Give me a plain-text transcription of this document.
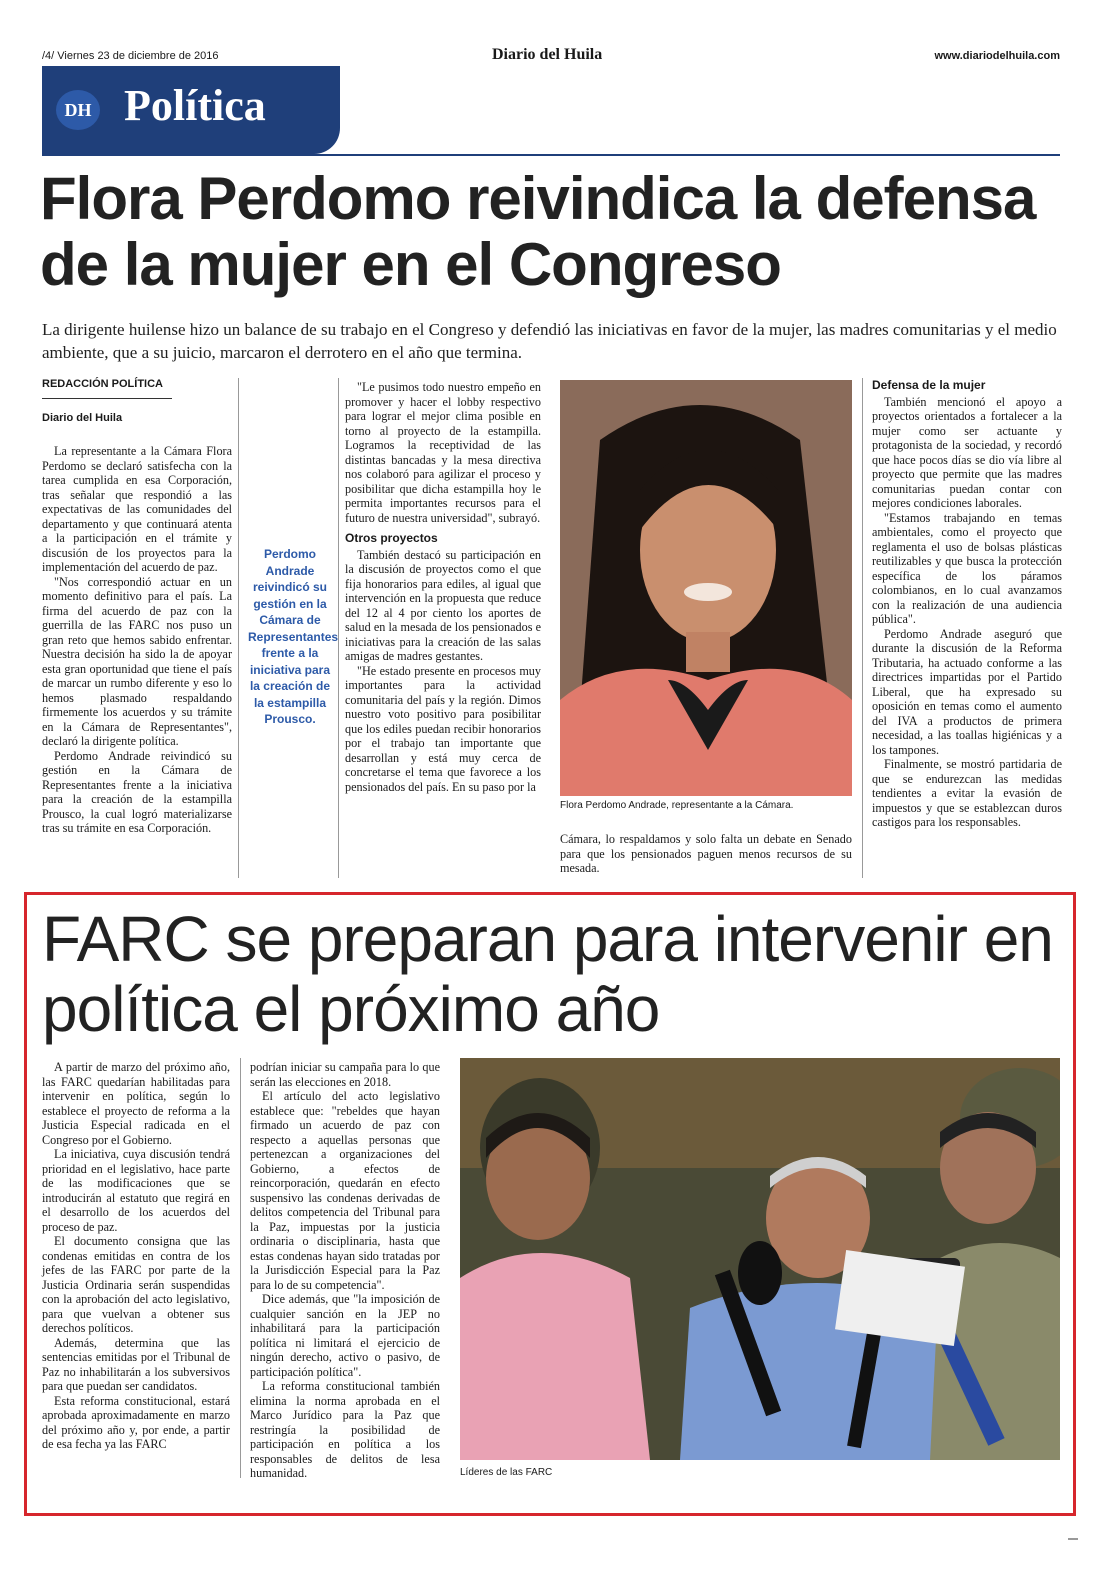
/4/ Viernes 23 de diciembre de 2016	Diario del Huila	www.diariodelhuila.com
DH Política
Flora Perdomo reivindica la defensa de la mujer en el Congreso
La dirigente huilense hizo un balance de su trabajo en el Congreso y defendió las iniciativas en favor de la mujer, las madres comunitarias y el medio ambiente, que a su juicio, marcaron el derrotero en el año que termina.
REDACCIÓN POLÍTICA
Diario del Huila

La representante a la Cámara Flora Perdomo se declaró satisfecha con la tarea cumplida en esa Corporación, tras señalar que respondió a las expectativas de las comunidades del departamento y que continuará atenta a la participación en el trámite y discusión de los proyectos para la implementación del acuerdo de paz.

"Nos correspondió actuar en un momento definitivo para el país. La firma del acuerdo de paz con la guerrilla de las FARC nos puso un gran reto que hemos sabido enfrentar. Nuestra decisión ha sido la de apoyar esta gran oportunidad que tiene el país de marcar un rumbo diferente y eso lo hemos plasmado respaldando firmemente los acuerdos y su trámite en la Cámara de Representantes", declaró la dirigente política.

Perdomo Andrade reivindicó su gestión en la Cámara de Representantes frente a la iniciativa para la creación de la estampilla Prousco, la cual logró materializarse tras su trámite en esa Corporación.

Perdomo Andrade reivindicó su gestión en la Cámara de Representantes frente a la iniciativa para la creación de la estampilla Prousco.

"Le pusimos todo nuestro empeño en promover y hacer el lobby respectivo para lograr el mejor clima posible en torno al proyecto de la estampilla. Logramos la receptividad de las distintas bancadas y la mesa directiva nos colaboró para agilizar el proceso y posibilitar que dicha estampilla hoy le permita importantes recursos para el futuro de nuestra universidad", subrayó.

Otros proyectos

También destacó su participación en la discusión de proyectos como el que fija honorarios para ediles, al igual que intervención en la propuesta que reduce del 12 al 4 por ciento los aportes de salud en la mesada de los pensionados e iniciativas para la creación de las salas amigas de madres gestantes.

"He estado presente en procesos muy importantes para la actividad comunitaria del país y la región. Dimos nuestro voto positivo para posibilitar que los ediles puedan recibir honorarios por el trabajo tan importante que desarrollan y está muy cerca de concretarse el tema que favorece a los pensionados del país. En su paso por la

Flora Perdomo Andrade, representante a la Cámara.

Cámara, lo respaldamos y solo falta un debate en Senado para que los pensionados paguen menos recursos de su mesada.

Defensa de la mujer

También mencionó el apoyo a proyectos orientados a fortalecer a la mujer como ser actuante y protagonista de la sociedad, y recordó que hace pocos días se dio vía libre al proyecto que permite que las madres comunitarias puedan contar con mejores condiciones laborales.

"Estamos trabajando en temas ambientales, como el proyecto que reglamenta el uso de bolsas plásticas reutilizables y que busca la protección específica de los páramos colombianos, en lo cual avanzamos con la realización de una audiencia pública".

Perdomo Andrade aseguró que durante la discusión de la Reforma Tributaria, ha actuado conforme a las directrices impartidas por el Partido Liberal, que ha expresado su oposición en temas como el aumento del IVA a productos de primera necesidad, a las toallas higiénicas y a los tampones.

Finalmente, se mostró partidaria de que se endurezcan las medidas tendientes a evitar la evasión de impuestos y que se establezcan duros castigos para los responsables.

FARC se preparan para intervenir en política el próximo año

A partir de marzo del próximo año, las FARC quedarían habilitadas para intervenir en política, según lo establece el proyecto de reforma a la Justicia Especial radicada en el Congreso por el Gobierno.

La iniciativa, cuya discusión tendrá prioridad en el legislativo, hace parte de las modificaciones que se introducirán al estatuto que regirá en el desarrollo de los acuerdos del proceso de paz.

El documento consigna que las condenas emitidas en contra de los jefes de las FARC por parte de la Justicia Ordinaria serán suspendidas con la aprobación del acto legislativo, para que vuelvan a obtener sus derechos políticos.

Además, determina que las sentencias emitidas por el Tribunal de Paz no inhabilitarán a los subversivos para que puedan ser candidatos.

Esta reforma constitucional, estará aprobada aproximadamente en marzo del próximo año y, por ende, a partir de esa fecha ya las FARC

podrían iniciar su campaña para lo que serán las elecciones en 2018.

El artículo del acto legislativo establece que: "rebeldes que hayan firmado un acuerdo de paz con respecto a aquellas personas que pertenezcan a organizaciones del Gobierno, a efectos de reincorporación, quedarán en efecto suspensivo las condenas derivadas de delitos competencia del Tribunal para la Paz, impuestas por la justicia ordinaria o disciplinaria, hasta que estas condenas hayan sido tratadas por la Jurisdicción Especial para la Paz para lo de su competencia".

Dice además, que "la imposición de cualquier sanción en la JEP no inhabilitará para la participación política ni limitará el ejercicio de ningún derecho, activo o pasivo, de participación política".

La reforma constitucional también elimina la norma aprobada en el Marco Jurídico para la Paz que restringía la posibilidad de participación en política a los responsables de delitos de lesa humanidad.	Líderes de las FARC
